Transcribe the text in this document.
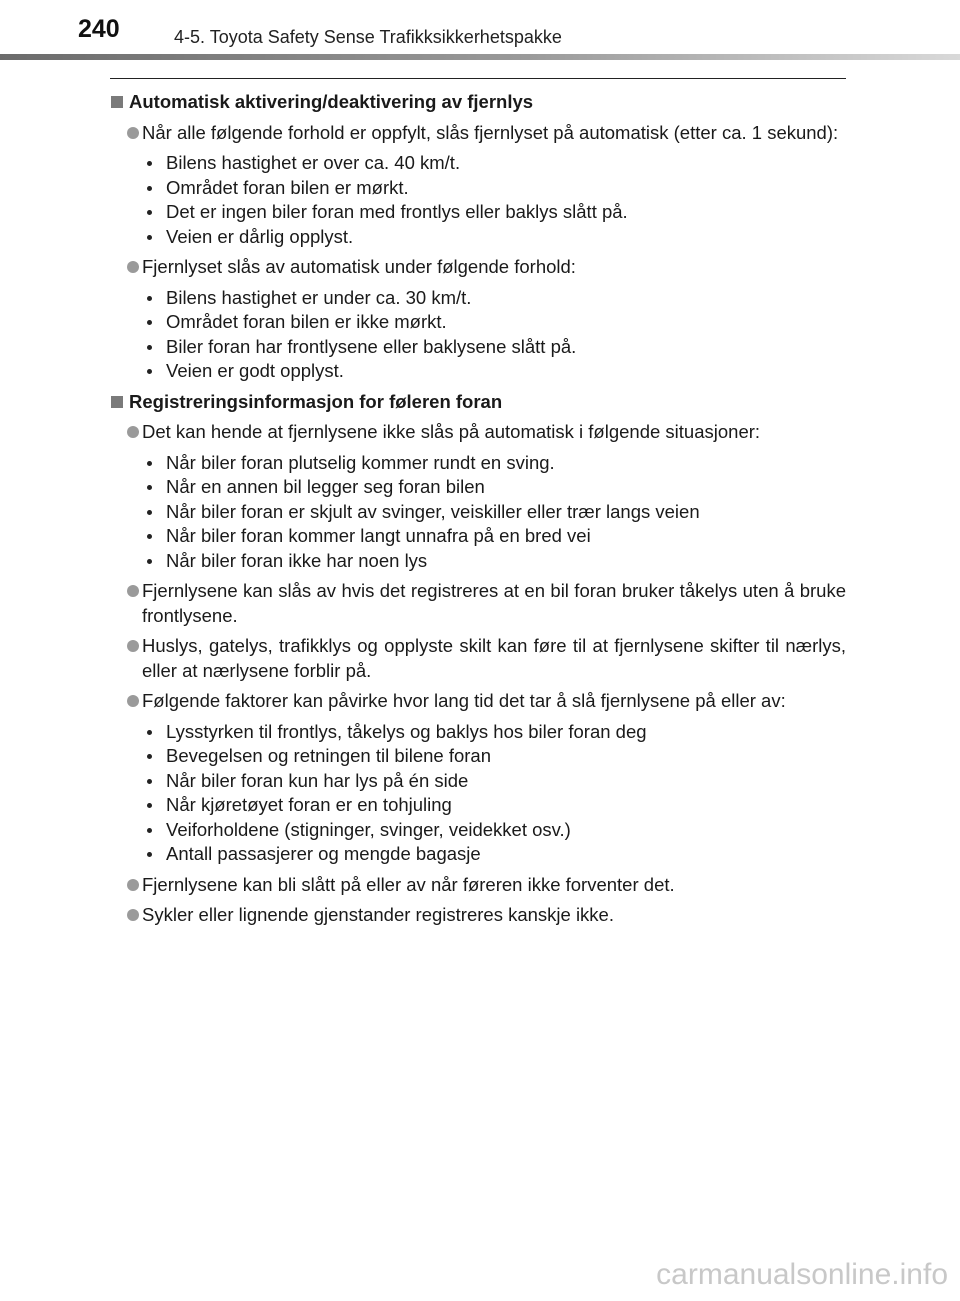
240	4-5. Toyota Safety Sense Trafikksikkerhetspakke
Automatisk aktivering/deaktivering av fjernlys
Når alle følgende forhold er oppfylt, slås fjernlyset på automatisk (etter ca. 1 sekund):
Bilens hastighet er over ca. 40 km/t.
Området foran bilen er mørkt.
Det er ingen biler foran med frontlys eller baklys slått på.
Veien er dårlig opplyst.
Fjernlyset slås av automatisk under følgende forhold:
Bilens hastighet er under ca. 30 km/t.
Området foran bilen er ikke mørkt.
Biler foran har frontlysene eller baklysene slått på.
Veien er godt opplyst.
Registreringsinformasjon for føleren foran
Det kan hende at fjernlysene ikke slås på automatisk i følgende situasjoner:
Når biler foran plutselig kommer rundt en sving.
Når en annen bil legger seg foran bilen
Når biler foran er skjult av svinger, veiskiller eller trær langs veien
Når biler foran kommer langt unnafra på en bred vei
Når biler foran ikke har noen lys
Fjernlysene kan slås av hvis det registreres at en bil foran bruker tåkelys uten å bruke frontlysene.
Huslys, gatelys, trafikklys og opplyste skilt kan føre til at fjernlysene skifter til nærlys, eller at nærlysene forblir på.
Følgende faktorer kan påvirke hvor lang tid det tar å slå fjernlysene på eller av:
Lysstyrken til frontlys, tåkelys og baklys hos biler foran deg
Bevegelsen og retningen til bilene foran
Når biler foran kun har lys på én side
Når kjøretøyet foran er en tohjuling
Veiforholdene (stigninger, svinger, veidekket osv.)
Antall passasjerer og mengde bagasje
Fjernlysene kan bli slått på eller av når føreren ikke forventer det.
Sykler eller lignende gjenstander registreres kanskje ikke.
carmanualsonline.info
